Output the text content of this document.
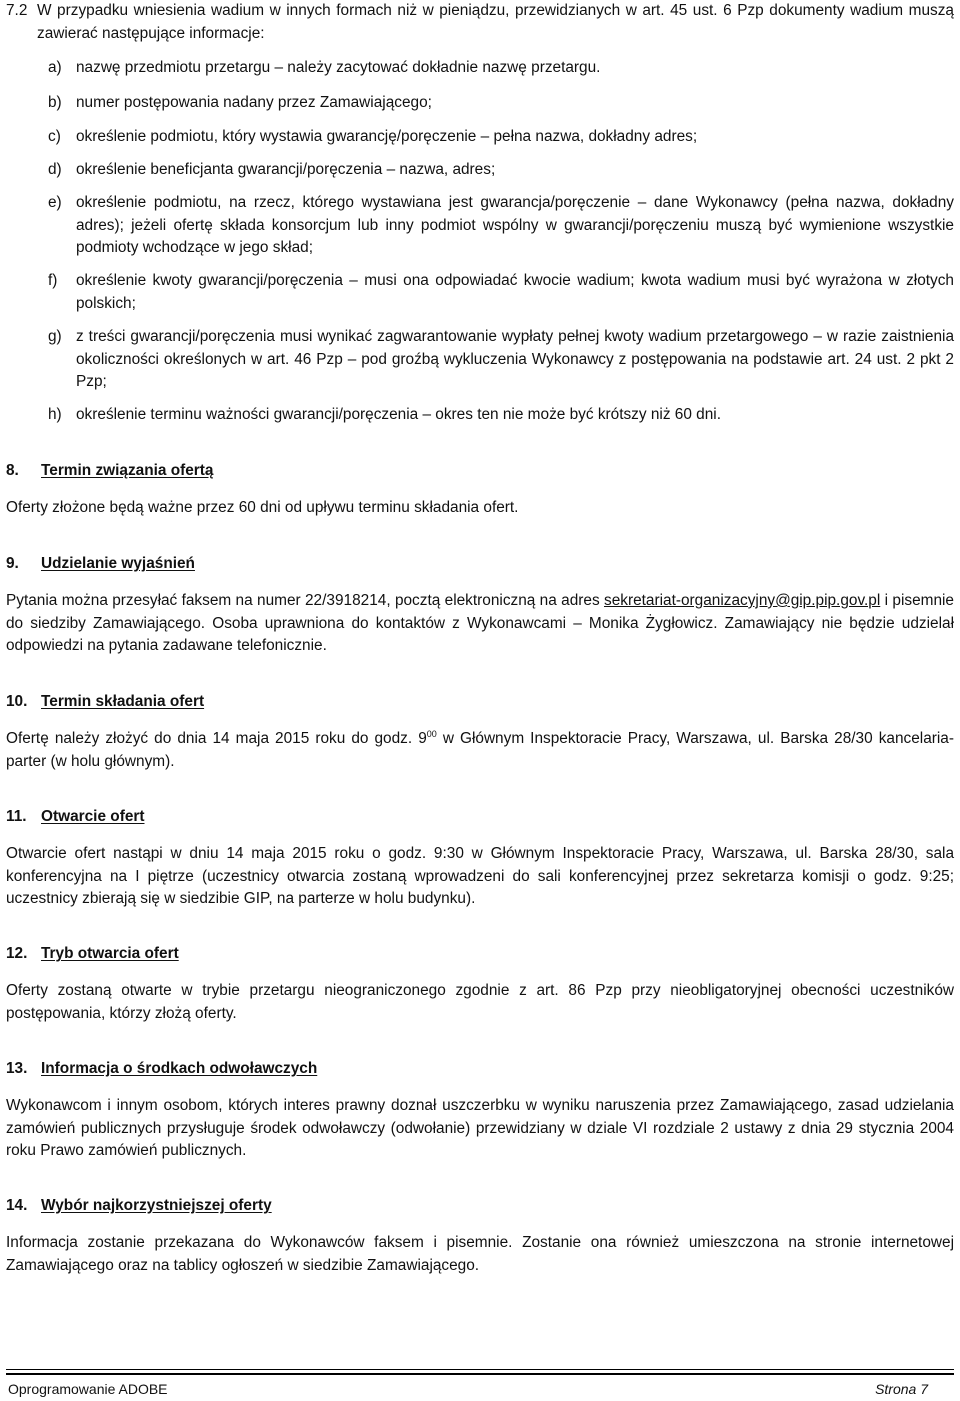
7.2 W przypadku wniesienia wadium w innych formach niż w pieniądzu, przewidzianych w art. 45 ust. 6 Pzp dokumenty wadium muszą zawierać następujące informacje:
a) nazwę przedmiotu przetargu – należy zacytować dokładnie nazwę przetargu.
b) numer postępowania nadany przez Zamawiającego;
c) określenie podmiotu, który wystawia gwarancję/poręczenie – pełna nazwa, dokładny adres;
d) określenie beneficjanta gwarancji/poręczenia – nazwa, adres;
e) określenie podmiotu, na rzecz, którego wystawiana jest gwarancja/poręczenie – dane Wykonawcy (pełna nazwa, dokładny adres); jeżeli ofertę składa konsorcjum lub inny podmiot wspólny w gwarancji/poręczeniu muszą być wymienione wszystkie podmioty wchodzące w jego skład;
f) określenie kwoty gwarancji/poręczenia – musi ona odpowiadać kwocie wadium; kwota wadium musi być wyrażona w złotych polskich;
g) z treści gwarancji/poręczenia musi wynikać zagwarantowanie wypłaty pełnej kwoty wadium przetargowego – w razie zaistnienia okoliczności określonych w art. 46 Pzp – pod groźbą wykluczenia Wykonawcy z postępowania na podstawie art. 24 ust. 2 pkt 2 Pzp;
h) określenie terminu ważności gwarancji/poręczenia – okres ten nie może być krótszy niż 60 dni.
8. Termin związania ofertą
Oferty złożone będą ważne przez 60 dni od upływu terminu składania ofert.
9. Udzielanie wyjaśnień
Pytania można przesyłać faksem na numer 22/3918214, pocztą elektroniczną na adres sekretariat-organizacyjny@gip.pip.gov.pl i pisemnie do siedziby Zamawiającego. Osoba uprawniona do kontaktów z Wykonawcami – Monika Żygłowicz. Zamawiający nie będzie udzielał odpowiedzi na pytania zadawane telefonicznie.
10. Termin składania ofert
Ofertę należy złożyć do dnia 14 maja 2015 roku do godz. $9^{00}$ w Głównym Inspektoracie Pracy, Warszawa, ul. Barska 28/30 kancelaria-parter (w holu głównym).
11. Otwarcie ofert
Otwarcie ofert nastąpi w dniu 14 maja 2015 roku o godz. 9:30 w Głównym Inspektoracie Pracy, Warszawa, ul. Barska 28/30, sala konferencyjna na I piętrze (uczestnicy otwarcia zostaną wprowadzeni do sali konferencyjnej przez sekretarza komisji o godz. 9:25; uczestnicy zbierają się w siedzibie GIP, na parterze w holu budynku).
12. Tryb otwarcia ofert
Oferty zostaną otwarte w trybie przetargu nieograniczonego zgodnie z art. 86 Pzp przy nieobligatoryjnej obecności uczestników postępowania, którzy złożą oferty.
13. Informacja o środkach odwoławczych
Wykonawcom i innym osobom, których interes prawny doznał uszczerbku w wyniku naruszenia przez Zamawiającego, zasad udzielania zamówień publicznych przysługuje środek odwoławczy (odwołanie) przewidziany w dziale VI rozdziale 2 ustawy z dnia 29 stycznia 2004 roku Prawo zamówień publicznych.
14. Wybór najkorzystniejszej oferty
Informacja zostanie przekazana do Wykonawców faksem i pisemnie. Zostanie ona również umieszczona na stronie internetowej Zamawiającego oraz na tablicy ogłoszeń w siedzibie Zamawiającego.
Oprogramowanie ADOBE	Strona 7
